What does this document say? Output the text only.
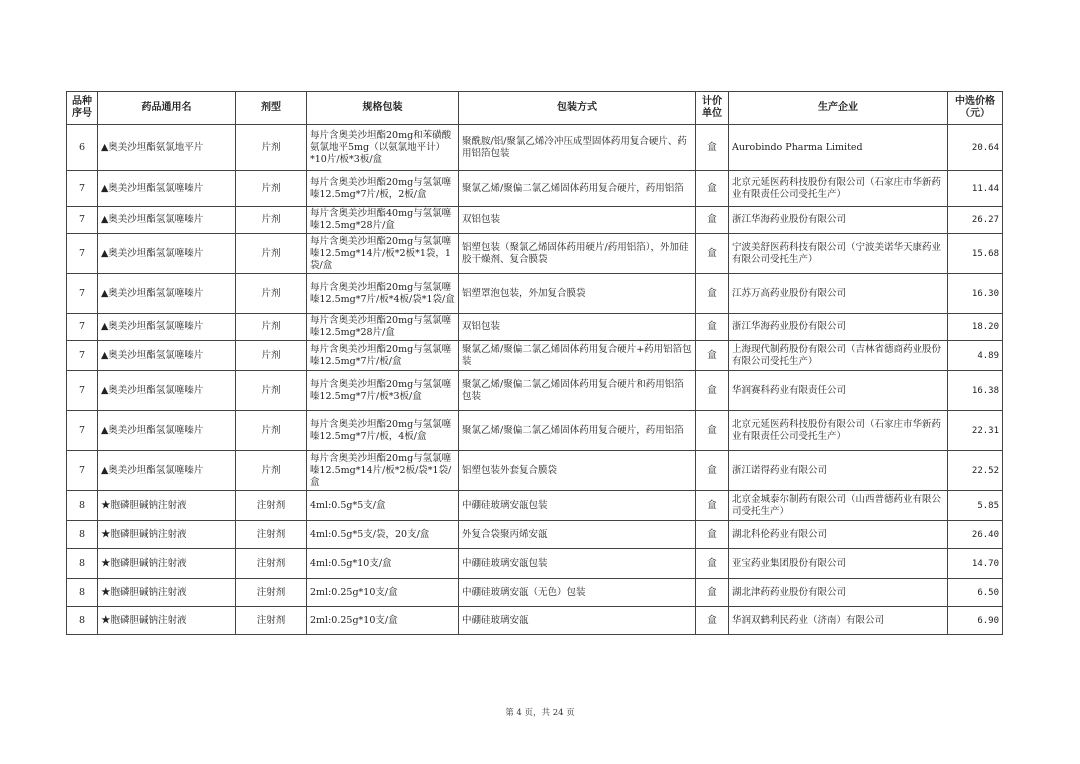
品种序号	药品通用名	剂型	规格包装	包装方式	计价单位	生产企业	中选价格（元）
6	▲奥美沙坦酯氨氯地平片	片剂	每片含奥美沙坦酯20mg和苯磺酸氨氯地平5mg（以氨氯地平计）*10片/板*3板/盒	聚酰胺/铝/聚氯乙烯冷冲压成型固体药用复合硬片、药用铝箔包装	盒	Aurobindo Pharma Limited	20.64
7	▲奥美沙坦酯氢氯噻嗪片	片剂	每片含奥美沙坦酯20mg与氢氯噻嗪12.5mg*7片/板，2板/盒	聚氯乙烯/聚偏二氯乙烯固体药用复合硬片，药用铝箔	盒	北京元延医药科技股份有限公司（石家庄市华新药业有限责任公司受托生产）	11.44
7	▲奥美沙坦酯氢氯噻嗪片	片剂	每片含奥美沙坦酯40mg与氢氯噻嗪12.5mg*28片/盒	双铝包装	盒	浙江华海药业股份有限公司	26.27
7	▲奥美沙坦酯氢氯噻嗪片	片剂	每片含奥美沙坦酯20mg与氢氯噻嗪12.5mg*14片/板*2板*1袋，1袋/盒	铝塑包装（聚氯乙烯固体药用硬片/药用铝箔），外加硅胶干燥剂、复合膜袋	盒	宁波美舒医药科技有限公司（宁波美诺华天康药业有限公司受托生产）	15.68
7	▲奥美沙坦酯氢氯噻嗪片	片剂	每片含奥美沙坦酯20mg与氢氯噻嗪12.5mg*7片/板*4板/袋*1袋/盒	铝塑罩泡包装，外加复合膜袋	盒	江苏万高药业股份有限公司	16.30
7	▲奥美沙坦酯氢氯噻嗪片	片剂	每片含奥美沙坦酯20mg与氢氯噻嗪12.5mg*28片/盒	双铝包装	盒	浙江华海药业股份有限公司	18.20
7	▲奥美沙坦酯氢氯噻嗪片	片剂	每片含奥美沙坦酯20mg与氢氯噻嗪12.5mg*7片/板/盒	聚氯乙烯/聚偏二氯乙烯固体药用复合硬片+药用铝箔包装	盒	上海现代制药股份有限公司（吉林省德商药业股份有限公司受托生产）	4.89
7	▲奥美沙坦酯氢氯噻嗪片	片剂	每片含奥美沙坦酯20mg与氢氯噻嗪12.5mg*7片/板*3板/盒	聚氯乙烯/聚偏二氯乙烯固体药用复合硬片和药用铝箔包装	盒	华润赛科药业有限责任公司	16.38
7	▲奥美沙坦酯氢氯噻嗪片	片剂	每片含奥美沙坦酯20mg与氢氯噻嗪12.5mg*7片/板，4板/盒	聚氯乙烯/聚偏二氯乙烯固体药用复合硬片，药用铝箔	盒	北京元延医药科技股份有限公司（石家庄市华新药业有限责任公司受托生产）	22.31
7	▲奥美沙坦酯氢氯噻嗪片	片剂	每片含奥美沙坦酯20mg与氢氯噻嗪12.5mg*14片/板*2板/袋*1袋/盒	铝塑包装外套复合膜袋	盒	浙江诺得药业有限公司	22.52
8	★胞磷胆碱钠注射液	注射剂	4ml:0.5g*5支/盒	中硼硅玻璃安瓿包装	盒	北京金城泰尔制药有限公司（山西普德药业有限公司受托生产）	5.85
8	★胞磷胆碱钠注射液	注射剂	4ml:0.5g*5支/袋，20支/盒	外复合袋聚丙烯安瓿	盒	湖北科伦药业有限公司	26.40
8	★胞磷胆碱钠注射液	注射剂	4ml:0.5g*10支/盒	中硼硅玻璃安瓿包装	盒	亚宝药业集团股份有限公司	14.70
8	★胞磷胆碱钠注射液	注射剂	2ml:0.25g*10支/盒	中硼硅玻璃安瓿（无色）包装	盒	湖北津药药业股份有限公司	6.50
8	★胞磷胆碱钠注射液	注射剂	2ml:0.25g*10支/盒	中硼硅玻璃安瓿	盒	华润双鹤利民药业（济南）有限公司	6.90
第 4 页，共 24 页
